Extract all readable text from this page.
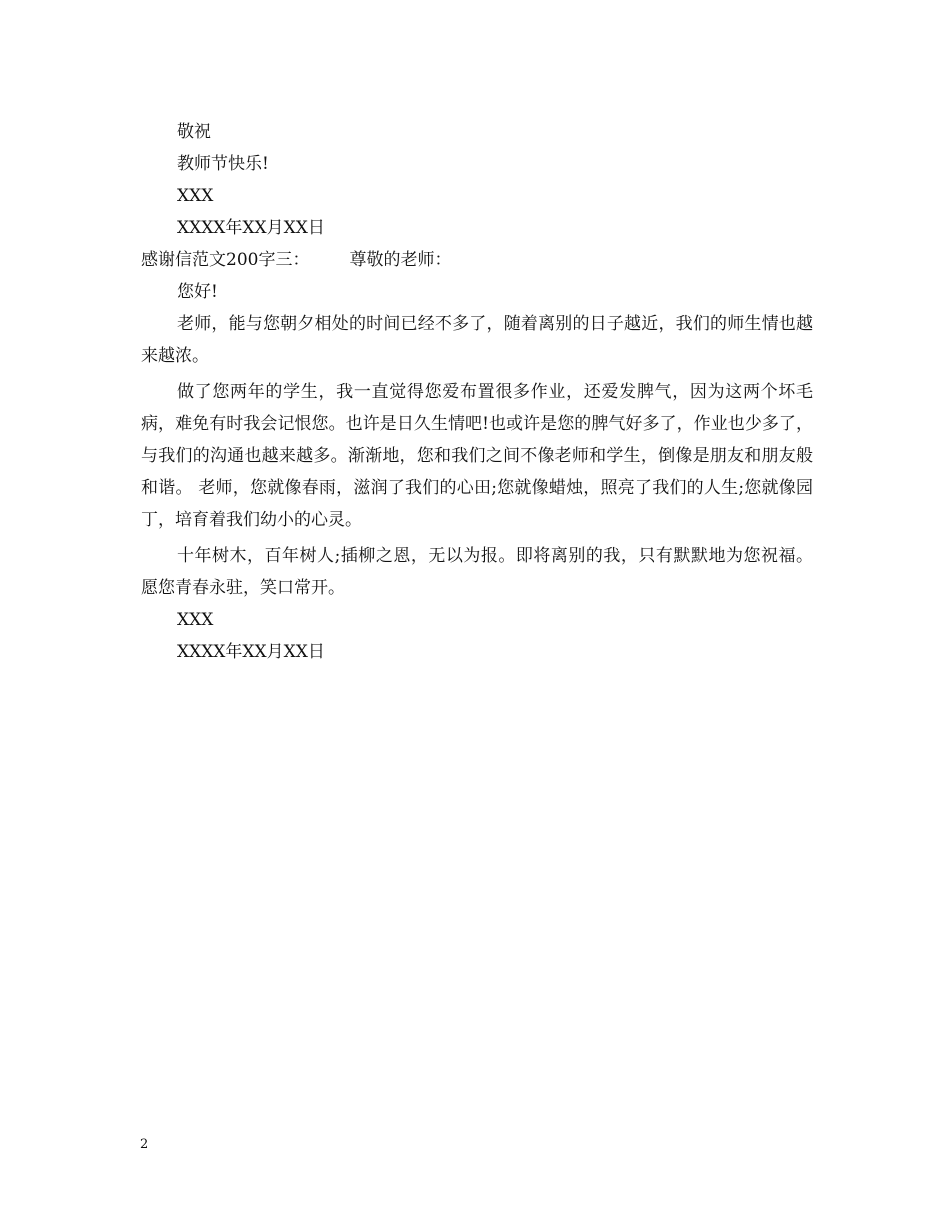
敬祝
教师节快乐!
XXX
XXXX年XX月XX日
感谢信范文200字三： 尊敬的老师：
您好!
老师，能与您朝夕相处的时间已经不多了，随着离别的日子越近，我们的师生情也越来越浓。
做了您两年的学生，我一直觉得您爱布置很多作业，还爱发脾气，因为这两个坏毛病，难免有时我会记恨您。也许是日久生情吧!也或许是您的脾气好多了，作业也少多了，与我们的沟通也越来越多。渐渐地，您和我们之间不像老师和学生，倒像是朋友和朋友般和谐。 老师，您就像春雨，滋润了我们的心田;您就像蜡烛，照亮了我们的人生;您就像园丁，培育着我们幼小的心灵。
十年树木，百年树人;插柳之恩，无以为报。即将离别的我，只有默默地为您祝福。 愿您青春永驻，笑口常开。
XXX
XXXX年XX月XX日
2
